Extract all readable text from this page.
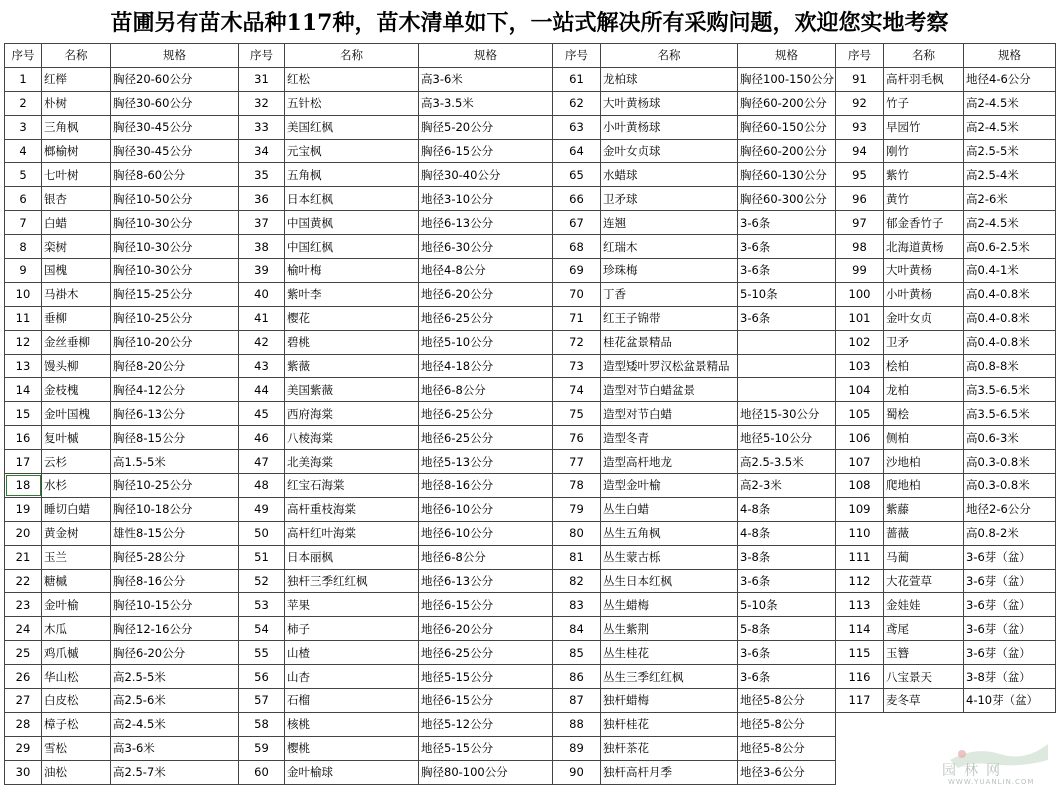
苗圃另有苗木品种117种，苗木清单如下，一站式解决所有采购问题，欢迎您实地考察
序号	名称	规格	序号	名称	规格	序号	名称	规格	序号	名称	规格
1	红榉	胸径20-60公分	31	红松	高3-6米	61	龙柏球	胸径100-150公分	91	高杆羽毛枫	地径4-6公分
2	朴树	胸径30-60公分	32	五针松	高3-3.5米	62	大叶黄杨球	胸径60-200公分	92	竹子	高2-4.5米
3	三角枫	胸径30-45公分	33	美国红枫	胸径5-20公分	63	小叶黄杨球	胸径60-150公分	93	早园竹	高2-4.5米
4	榔榆树	胸径30-45公分	34	元宝枫	胸径6-15公分	64	金叶女贞球	胸径60-200公分	94	刚竹	高2.5-5米
5	七叶树	胸径8-60公分	35	五角枫	胸径30-40公分	65	水蜡球	胸径60-130公分	95	紫竹	高2.5-4米
6	银杏	胸径10-50公分	36	日本红枫	地径3-10公分	66	卫矛球	胸径60-300公分	96	黄竹	高2-6米
7	白蜡	胸径10-30公分	37	中国黄枫	地径6-13公分	67	连翘	3-6条	97	郁金香竹子	高2-4.5米
8	栾树	胸径10-30公分	38	中国红枫	地径6-30公分	68	红瑞木	3-6条	98	北海道黄杨	高0.6-2.5米
9	国槐	胸径10-30公分	39	榆叶梅	地径4-8公分	69	珍珠梅	3-6条	99	大叶黄杨	高0.4-1米
10	马褂木	胸径15-25公分	40	紫叶李	地径6-20公分	70	丁香	5-10条	100	小叶黄杨	高0.4-0.8米
11	垂柳	胸径10-25公分	41	樱花	地径6-25公分	71	红王子锦带	3-6条	101	金叶女贞	高0.4-0.8米
12	金丝垂柳	胸径10-20公分	42	碧桃	地径5-10公分	72	桂花盆景精品		102	卫矛	高0.4-0.8米
13	馒头柳	胸径8-20公分	43	紫薇	地径4-18公分	73	造型矮叶罗汉松盆景精品		103	桧柏	高0.8-8米
14	金枝槐	胸径4-12公分	44	美国紫薇	地径6-8公分	74	造型对节白蜡盆景		104	龙柏	高3.5-6.5米
15	金叶国槐	胸径6-13公分	45	西府海棠	地径6-25公分	75	造型对节白蜡	地径15-30公分	105	蜀桧	高3.5-6.5米
16	复叶槭	胸径8-15公分	46	八棱海棠	地径6-25公分	76	造型冬青	地径5-10公分	106	侧柏	高0.6-3米
17	云杉	高1.5-5米	47	北美海棠	地径5-13公分	77	造型高杆地龙	高2.5-3.5米	107	沙地柏	高0.3-0.8米
18	水杉	胸径10-25公分	48	红宝石海棠	地径8-16公分	78	造型金叶榆	高2-3米	108	爬地柏	高0.3-0.8米
19	睡切白蜡	胸径10-18公分	49	高杆重枝海棠	地径6-10公分	79	丛生白蜡	4-8条	109	紫藤	地径2-6公分
20	黄金树	雄性8-15公分	50	高杆红叶海棠	地径6-10公分	80	丛生五角枫	4-8条	110	蔷薇	高0.8-2米
21	玉兰	胸径5-28公分	51	日本丽枫	地径6-8公分	81	丛生蒙古栎	3-8条	111	马蔺	3-6芽（盆）
22	糖槭	胸径8-16公分	52	独杆三季红红枫	地径6-13公分	82	丛生日本红枫	3-6条	112	大花萱草	3-6芽（盆）
23	金叶榆	胸径10-15公分	53	苹果	地径6-15公分	83	丛生蜡梅	5-10条	113	金娃娃	3-6芽（盆）
24	木瓜	胸径12-16公分	54	柿子	地径6-20公分	84	丛生紫荆	5-8条	114	鸢尾	3-6芽（盆）
25	鸡爪槭	胸径6-20公分	55	山楂	地径6-25公分	85	丛生桂花	3-6条	115	玉簪	3-6芽（盆）
26	华山松	高2.5-5米	56	山杏	地径5-15公分	86	丛生三季红红枫	3-6条	116	八宝景天	3-8芽（盆）
27	白皮松	高2.5-6米	57	石榴	地径6-15公分	87	独杆蜡梅	地径5-8公分	117	麦冬草	4-10芽（盆）
28	樟子松	高2-4.5米	58	核桃	地径5-12公分	88	独杆桂花	地径5-8公分			
29	雪松	高3-6米	59	樱桃	地径5-15公分	89	独杆茶花	地径5-8公分			
30	油松	高2.5-7米	60	金叶榆球	胸径80-100公分	90	独杆高杆月季	地径3-6公分				园林网
WWW.YUANLIN.COM
